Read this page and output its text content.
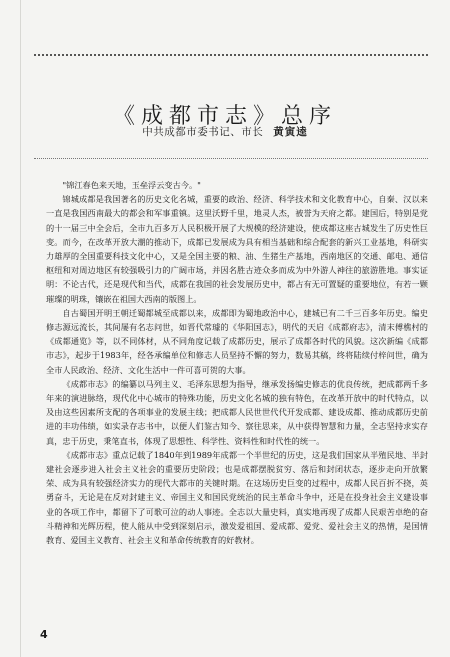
《成都市志》总序
中共成都市委书记、市长 黄寅逵

"锦江春色来天地，玉垒浮云变古今。"

锦城成都是我国著名的历史文化名城，重要的政治、经济、科学技术和文化教育中心，自秦、汉以来一直是我国西南最大的都会和军事重镇。这里沃野千里，地灵人杰，被誉为天府之都。建国后，特别是党的十一届三中全会后，全市九百多万人民积极开展了大规模的经济建设，使成都这座古城发生了历史性巨变。而今，在改革开放大潮的推动下，成都已发展成为具有相当基础和综合配套的新兴工业基地，科研实力雄厚的全国重要科技文化中心，又是全国主要的粮、油、生猪生产基地，西南地区的交通、邮电、通信枢纽和对周边地区有较强吸引力的广阔市场，并因名胜古迹众多而成为中外游人神往的旅游胜地。事实证明：不论古代，还是现代和当代，成都在我国的社会发展历史中，都占有无可置疑的重要地位，有若一颗璀璨的明珠，镶嵌在祖国大西南的版图上。

自古蜀国开明王朝迁蜀都城至成都以来，成都即为蜀地政治中心，建城已有二千三百多年历史。编史修志源远流长，其间屡有名志问世，如晋代常璩的《华阳国志》，明代的天启《成都府志》，清末傅樵村的《成都通览》等，以不同体材，从不同角度记载了成都历史，展示了成都各时代的风貌。这次新编《成都市志》，起步于1983年，经各承编单位和修志人员坚持不懈的努力，数易其稿，终将陆续付梓问世，确为全市人民政治、经济、文化生活中一件可喜可贺的大事。

《成都市志》的编纂以马列主义、毛泽东思想为指导，继承发扬编史修志的优良传统，把成都两千多年来的演进脉络，现代化中心城市的特殊功能，历史文化名城的独有特色，在改革开放中的时代特点，以及由这些因素所支配的各项事业的发展主线；把成都人民世世代代开发成都、建设成都、推动成都历史前进的丰功伟绩，如实录存志书中，以便人们鉴古知今、察往思来，从中获得智慧和力量，全志坚持求实存真，忠于历史，秉笔直书，体现了思想性、科学性、资料性和时代性的统一。

《成都市志》重点记载了1840年到1989年成都一个半世纪的历史，这是我们国家从半殖民地、半封建社会逐步进入社会主义社会的重要历史阶段；也是成都摆脱贫穷、落后和封闭状态，逐步走向开放繁荣、成为具有较强经济实力的现代大都市的关键时期。在这场历史巨变的过程中，成都人民百折不挠，英勇奋斗，无论是在反对封建主义、帝国主义和国民党统治的民主革命斗争中，还是在投身社会主义建设事业的各项工作中，都留下了可歌可泣的动人事迹。全志以大量史料，真实地再现了成都人民艰苦卓绝的奋斗精神和光辉历程，使人能从中受到深刻启示，激发爱祖国、爱成都、爱党、爱社会主义的热情，是国情教育、爱国主义教育、社会主义和革命传统教育的好教材。

4
